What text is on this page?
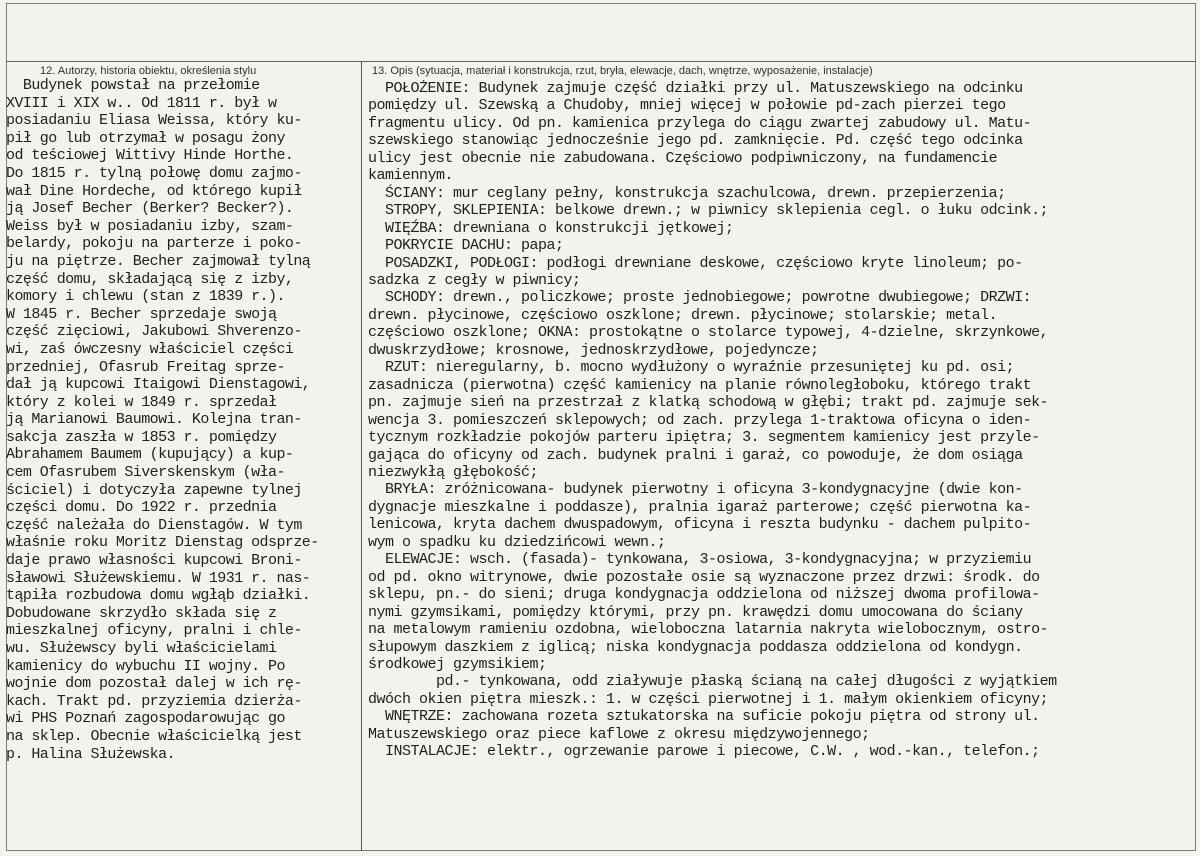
12. Autorzy, historia obiektu, określenia stylu	13. Opis (sytuacja, materiał i konstrukcja, rzut, bryła, elewacje, dach, wnętrze, wyposażenie, instalacje)
Budynek powstał na przełomie
XVIII i XIX w.. Od 1811 r. był w
posiadaniu Eliasa Weissa, który ku-
pił go lub otrzymał w posagu żony
od teściowej Wittivy Hinde Horthe.
Do 1815 r. tylną połowę domu zajmo-
wał Dine Hordeche, od którego kupił
ją Josef Becher (Berker? Becker?).
Weiss był w posiadaniu izby, szam-
belardy, pokoju na parterze i poko-
ju na piętrze. Becher zajmował tylną
część domu, składającą się z izby,
komory i chlewu (stan z 1839 r.).
W 1845 r. Becher sprzedaje swoją
część zięciowi, Jakubowi Shverenzo-
wi, zaś ówczesny właściciel części
przedniej, Ofasrub Freitag sprze-
dał ją kupcowi Itaigowi Dienstagowi,
który z kolei w 1849 r. sprzedał
ją Marianowi Baumowi. Kolejna tran-
sakcja zaszła w 1853 r. pomiędzy
Abrahamem Baumem (kupujący) a kup-
cem Ofasrubem Siverskenskym (wła-
ściciel) i dotyczyła zapewne tylnej
części domu. Do 1922 r. przednia
część należała do Dienstagów. W tym
właśnie roku Moritz Dienstag odsprze-
daje prawo własności kupcowi Broni-
sławowi Służewskiemu. W 1931 r. nas-
tąpiła rozbudowa domu wgłąb działki.
Dobudowane skrzydło składa się z
mieszkalnej oficyny, pralni i chle-
wu. Służewscy byli właścicielami
kamienicy do wybuchu II wojny. Po
wojnie dom pozostał dalej w ich rę-
kach. Trakt pd. przyziemia dzierża-
wi PHS Poznań zagospodarowując go
na sklep. Obecnie właścicielką jest
p. Halina Służewska.
POŁOŻENIE: Budynek zajmuje część działki przy ul. Matuszewskiego na odcinku
pomiędzy ul. Szewską a Chudoby, mniej więcej w połowie pd-zach pierzei tego
fragmentu ulicy. Od pn. kamienica przylega do ciągu zwartej zabudowy ul. Matu-
szewskiego stanowiąc jednocześnie jego pd. zamknięcie. Pd. część tego odcinka
ulicy jest obecnie nie zabudowana. Częściowo podpiwniczony, na fundamencie
kamiennym.
ŚCIANY: mur ceglany pełny, konstrukcja szachulcowa, drewn. przepierzenia;
STROPY, SKLEPIENIA: belkowe drewn.; w piwnicy sklepienia cegl. o łuku odcink.;
WIĘŹBA: drewniana o konstrukcji jętkowej;
POKRYCIE DACHU: papa;
POSADZKI, PODŁOGI: podłogi drewniane deskowe, częściowo kryte linoleum; po-
sadzka z cegły w piwnicy;
SCHODY: drewn., policzkowe; proste jednobiegowe; powrotne dwubiegowe; DRZWI:
drewn. płycinowe, częściowo oszklone; drewn. płycinowe; stolarskie; metal.
częściowo oszklone; OKNA: prostokątne o stolarce typowej, 4-dzielne, skrzynkowe,
dwuskrzydłowe; krosnowe, jednoskrzydłowe, pojedyncze;
RZUT: nieregularny, b. mocno wydłużony o wyraźnie przesuniętej ku pd. osi;
zasadnicza (pierwotna) część kamienicy na planie równoległoboku, którego trakt
pn. zajmuje sień na przestrzał z klatką schodową w głębi; trakt pd. zajmuje sek-
wencja 3. pomieszczeń sklepowych; od zach. przylega 1-traktowa oficyna o iden-
tycznym rozkładzie pokojów parteru ipiętra; 3. segmentem kamienicy jest przyle-
gająca do oficyny od zach. budynek pralni i garaż, co powoduje, że dom osiąga
niezwykłą głębokość;
BRYŁA: zróżnicowana- budynek pierwotny i oficyna 3-kondygnacyjne (dwie kon-
dygnacje mieszkalne i poddasze), pralnia igaraż parterowe; część pierwotna ka-
lenicowa, kryta dachem dwuspadowym, oficyna i reszta budynku - dachem pulpito-
wym o spadku ku dziedzińcowi wewn.;
ELEWACJE: wsch. (fasada)- tynkowana, 3-osiowa, 3-kondygnacyjna; w przyziemiu
od pd. okno witrynowe, dwie pozostałe osie są wyznaczone przez drzwi: środk. do
sklepu, pn.- do sieni; druga kondygnacja oddzielona od niższej dwoma profilowa-
nymi gzymsikami, pomiędzy którymi, przy pn. krawędzi domu umocowana do ściany
na metalowym ramieniu ozdobna, wieloboczna latarnia nakryta wielobocznym, ostro-
słupowym daszkiem z iglicą; niska kondygnacja poddasza oddzielona od kondygn.
środkowej gzymsikiem;
pd.- tynkowana, odd ziaływuje płaską ścianą na całej długości z wyjątkiem
dwóch okien piętra mieszk.: 1. w części pierwotnej i 1. małym okienkiem oficyny;
WNĘTRZE: zachowana rozeta sztukatorska na suficie pokoju piętra od strony ul.
Matuszewskiego oraz piece kaflowe z okresu międzywojennego;
INSTALACJE: elektr., ogrzewanie parowe i piecowe, C.W. , wod.-kan., telefon.;
